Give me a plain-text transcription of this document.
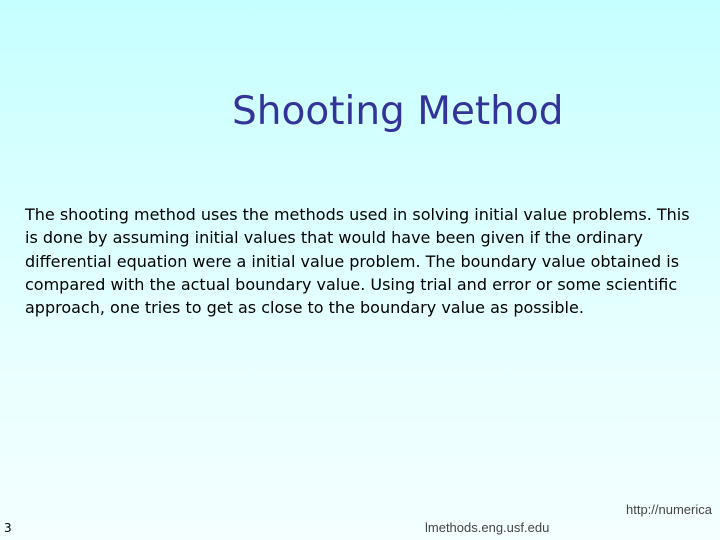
Shooting Method

The shooting method uses the methods used in solving initial value problems. This is done by assuming initial values that would have been given if the ordinary differential equation were a initial value problem. The boundary value obtained is compared with the actual boundary value. Using trial and error or some scientific approach, one tries to get as close to the boundary value as possible.

3
http://numerica
lmethods.eng.usf.edu
